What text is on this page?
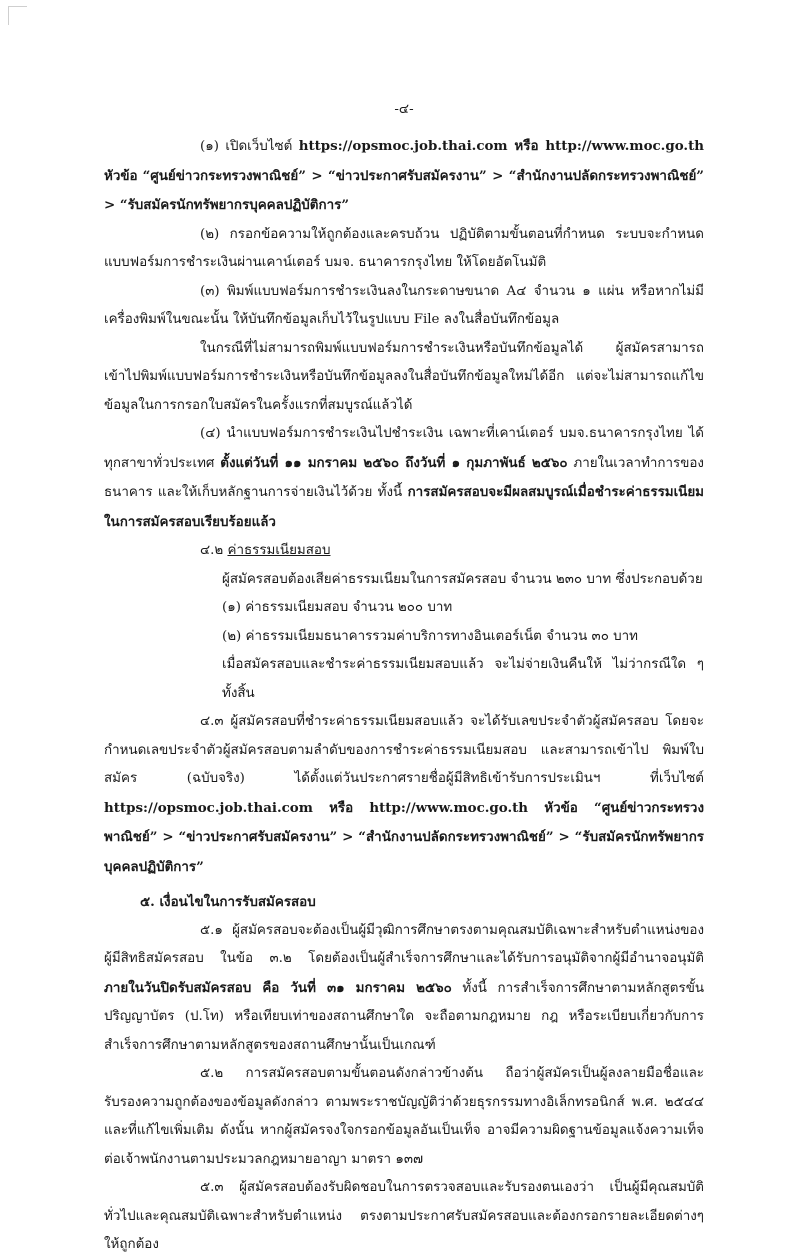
-๔-

(๑) เปิดเว็บไซต์ https://opsmoc.job.thai.com หรือ http://www.moc.go.th หัวข้อ “ศูนย์ข่าวกระทรวงพาณิชย์” > “ข่าวประกาศรับสมัครงาน” > “สำนักงานปลัดกระทรวงพาณิชย์” > “รับสมัครนักทรัพยากรบุคคลปฏิบัติการ”

(๒) กรอกข้อความให้ถูกต้องและครบถ้วน ปฏิบัติตามขั้นตอนที่กำหนด ระบบจะกำหนดแบบฟอร์มการชำระเงินผ่านเคาน์เตอร์ บมจ. ธนาคารกรุงไทย ให้โดยอัตโนมัติ

(๓) พิมพ์แบบฟอร์มการชำระเงินลงในกระดาษขนาด A๔ จำนวน ๑ แผ่น หรือหากไม่มีเครื่องพิมพ์ในขณะนั้น ให้บันทึกข้อมูลเก็บไว้ในรูปแบบ File ลงในสื่อบันทึกข้อมูล

ในกรณีที่ไม่สามารถพิมพ์แบบฟอร์มการชำระเงินหรือบันทึกข้อมูลได้ ผู้สมัครสามารถเข้าไปพิมพ์แบบฟอร์มการชำระเงินหรือบันทึกข้อมูลลงในสื่อบันทึกข้อมูลใหม่ได้อีก แต่จะไม่สามารถแก้ไขข้อมูลในการกรอกใบสมัครในครั้งแรกที่สมบูรณ์แล้วได้

(๔) นำแบบฟอร์มการชำระเงินไปชำระเงิน เฉพาะที่เคาน์เตอร์ บมจ.ธนาคารกรุงไทย ได้ทุกสาขาทั่วประเทศ ตั้งแต่วันที่ ๑๑ มกราคม ๒๕๖๐ ถึงวันที่ ๑ กุมภาพันธ์ ๒๕๖๐ ภายในเวลาทำการของธนาคาร และให้เก็บหลักฐานการจ่ายเงินไว้ด้วย ทั้งนี้ การสมัครสอบจะมีผลสมบูรณ์เมื่อชำระค่าธรรมเนียมในการสมัครสอบเรียบร้อยแล้ว

๔.๒ ค่าธรรมเนียมสอบ

ผู้สมัครสอบต้องเสียค่าธรรมเนียมในการสมัครสอบ จำนวน ๒๓๐ บาท ซึ่งประกอบด้วย

(๑) ค่าธรรมเนียมสอบ จำนวน ๒๐๐ บาท

(๒) ค่าธรรมเนียมธนาคารรวมค่าบริการทางอินเตอร์เน็ต จำนวน ๓๐ บาท

เมื่อสมัครสอบและชำระค่าธรรมเนียมสอบแล้ว จะไม่จ่ายเงินคืนให้ ไม่ว่ากรณีใด ๆ ทั้งสิ้น

๔.๓ ผู้สมัครสอบที่ชำระค่าธรรมเนียมสอบแล้ว จะได้รับเลขประจำตัวผู้สมัครสอบ โดยจะกำหนดเลขประจำตัวผู้สมัครสอบตามลำดับของการชำระค่าธรรมเนียมสอบ และสามารถเข้าไป พิมพ์ใบสมัคร (ฉบับจริง) ได้ตั้งแต่วันประกาศรายชื่อผู้มีสิทธิเข้ารับการประเมินฯ ที่เว็บไซต์ https://opsmoc.job.thai.com หรือ http://www.moc.go.th หัวข้อ “ศูนย์ข่าวกระทรวงพาณิชย์” > “ข่าวประกาศรับสมัครงาน” > “สำนักงานปลัดกระทรวงพาณิชย์” > “รับสมัครนักทรัพยากรบุคคลปฏิบัติการ”

๕. เงื่อนไขในการรับสมัครสอบ

๕.๑ ผู้สมัครสอบจะต้องเป็นผู้มีวุฒิการศึกษาตรงตามคุณสมบัติเฉพาะสำหรับตำแหน่งของผู้มีสิทธิสมัครสอบ ในข้อ ๓.๒ โดยต้องเป็นผู้สำเร็จการศึกษาและได้รับการอนุมัติจากผู้มีอำนาจอนุมัติภายในวันปิดรับสมัครสอบ คือ วันที่ ๓๑ มกราคม ๒๕๖๐ ทั้งนี้ การสำเร็จการศึกษาตามหลักสูตรขั้นปริญญาบัตร (ป.โท) หรือเทียบเท่าของสถานศึกษาใด จะถือตามกฎหมาย กฎ หรือระเบียบเกี่ยวกับการสำเร็จการศึกษาตามหลักสูตรของสถานศึกษานั้นเป็นเกณฑ์

๕.๒ การสมัครสอบตามขั้นตอนดังกล่าวข้างต้น ถือว่าผู้สมัครเป็นผู้ลงลายมือชื่อและรับรองความถูกต้องของข้อมูลดังกล่าว ตามพระราชบัญญัติว่าด้วยธุรกรรมทางอิเล็กทรอนิกส์ พ.ศ. ๒๕๔๔ และที่แก้ไขเพิ่มเติม ดังนั้น หากผู้สมัครจงใจกรอกข้อมูลอันเป็นเท็จ อาจมีความผิดฐานข้อมูลแจ้งความเท็จต่อเจ้าพนักงานตามประมวลกฎหมายอาญา มาตรา ๑๓๗

๕.๓ ผู้สมัครสอบต้องรับผิดชอบในการตรวจสอบและรับรองตนเองว่า เป็นผู้มีคุณสมบัติทั่วไปและคุณสมบัติเฉพาะสำหรับตำแหน่ง ตรงตามประกาศรับสมัครสอบและต้องกรอกรายละเอียดต่างๆ ให้ถูกต้อง
